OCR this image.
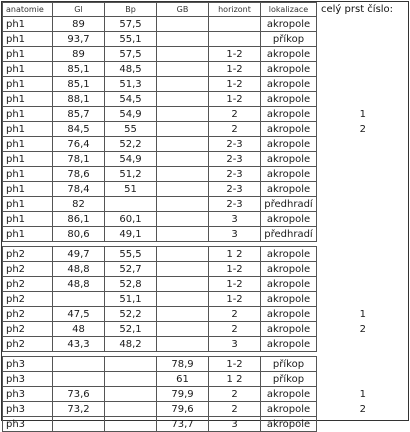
anatomie	Gl	Bp	GB	horizont	lokalizace	celý prst číslo:
ph1	89	57,5			akropole	
ph1	93,7	55,1			příkop	
ph1	89	57,5		1-2	akropole	
ph1	85,1	48,5		1-2	akropole	
ph1	85,1	51,3		1-2	akropole	
ph1	88,1	54,5		1-2	akropole	
ph1	85,7	54,9		2	akropole	1
ph1	84,5	55		2	akropole	2
ph1	76,4	52,2		2-3	akropole	
ph1	78,1	54,9		2-3	akropole	
ph1	78,6	51,2		2-3	akropole	
ph1	78,4	51		2-3	akropole	
ph1	82			2-3	předhradí	
ph1	86,1	60,1		3	akropole	
ph1	80,6	49,1		3	předhradí	

ph2	49,7	55,5		1 2	akropole	
ph2	48,8	52,7		1-2	akropole	
ph2	48,8	52,8		1-2	akropole	
ph2		51,1		1-2	akropole	
ph2	47,5	52,2		2	akropole	1
ph2	48	52,1		2	akropole	2
ph2	43,3	48,2		3	akropole	

ph3			78,9	1-2	příkop	
ph3			61	1 2	příkop	
ph3	73,6		79,9	2	akropole	1
ph3	73,2		79,6	2	akropole	2
ph3			73,7	3	akropole	
